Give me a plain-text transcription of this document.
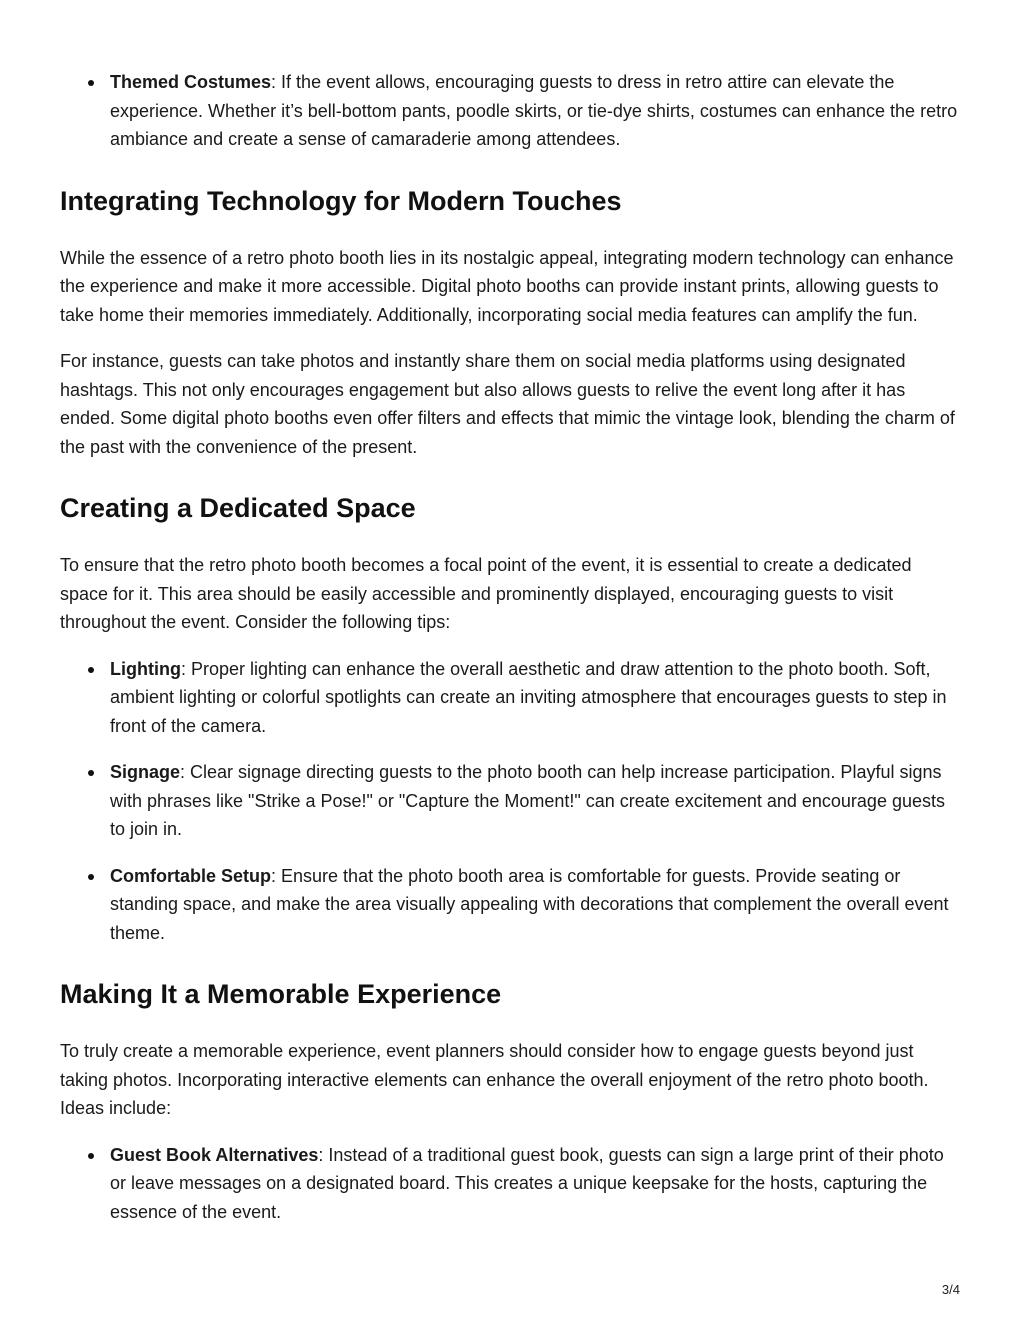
Themed Costumes: If the event allows, encouraging guests to dress in retro attire can elevate the experience. Whether it’s bell-bottom pants, poodle skirts, or tie-dye shirts, costumes can enhance the retro ambiance and create a sense of camaraderie among attendees.
Integrating Technology for Modern Touches

While the essence of a retro photo booth lies in its nostalgic appeal, integrating modern technology can enhance the experience and make it more accessible. Digital photo booths can provide instant prints, allowing guests to take home their memories immediately. Additionally, incorporating social media features can amplify the fun.

For instance, guests can take photos and instantly share them on social media platforms using designated hashtags. This not only encourages engagement but also allows guests to relive the event long after it has ended. Some digital photo booths even offer filters and effects that mimic the vintage look, blending the charm of the past with the convenience of the present.

Creating a Dedicated Space

To ensure that the retro photo booth becomes a focal point of the event, it is essential to create a dedicated space for it. This area should be easily accessible and prominently displayed, encouraging guests to visit throughout the event. Consider the following tips:

Lighting: Proper lighting can enhance the overall aesthetic and draw attention to the photo booth. Soft, ambient lighting or colorful spotlights can create an inviting atmosphere that encourages guests to step in front of the camera.
Signage: Clear signage directing guests to the photo booth can help increase participation. Playful signs with phrases like "Strike a Pose!" or "Capture the Moment!" can create excitement and encourage guests to join in.
Comfortable Setup: Ensure that the photo booth area is comfortable for guests. Provide seating or standing space, and make the area visually appealing with decorations that complement the overall event theme.
Making It a Memorable Experience

To truly create a memorable experience, event planners should consider how to engage guests beyond just taking photos. Incorporating interactive elements can enhance the overall enjoyment of the retro photo booth. Ideas include:

Guest Book Alternatives: Instead of a traditional guest book, guests can sign a large print of their photo or leave messages on a designated board. This creates a unique keepsake for the hosts, capturing the essence of the event.
3/4
